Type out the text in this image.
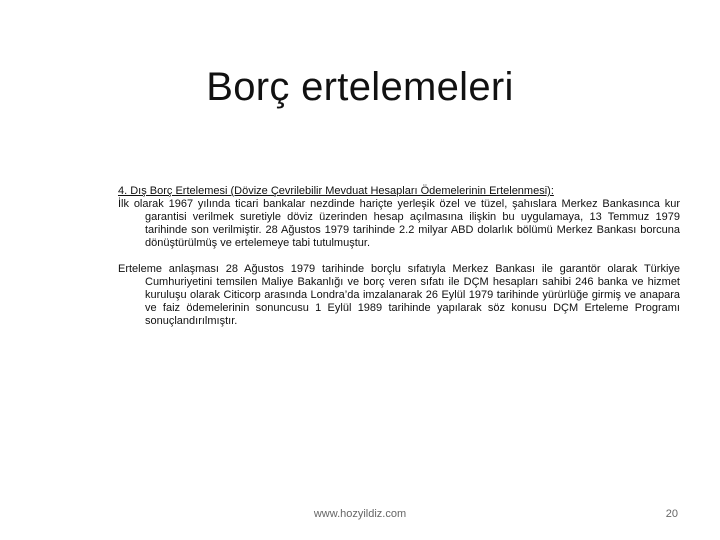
Borç ertelemeleri

4. Dış Borç Ertelemesi (Dövize Çevrilebilir Mevduat Hesapları Ödemelerinin Ertelenmesi):

İlk olarak 1967 yılında ticari bankalar nezdinde hariçte yerleşik özel ve tüzel, şahıslara Merkez Bankasınca kur garantisi verilmek suretiyle döviz üzerinden hesap açılmasına ilişkin bu uygulamaya, 13 Temmuz 1979 tarihinde son verilmiştir. 28 Ağustos 1979 tarihinde 2.2 milyar ABD dolarlık bölümü Merkez Bankası borcuna dönüştürülmüş ve ertelemeye tabi tutulmuştur.

Erteleme anlaşması 28 Ağustos 1979 tarihinde borçlu sıfatıyla Merkez Bankası ile garantör olarak Türkiye Cumhuriyetini temsilen Maliye Bakanlığı ve borç veren sıfatı ile DÇM hesapları sahibi 246 banka ve hizmet kuruluşu olarak Citicorp arasında Londra’da imzalanarak 26 Eylül 1979 tarihinde yürürlüğe girmiş ve anapara ve faiz ödemelerinin sonuncusu 1 Eylül 1989 tarihinde yapılarak söz konusu DÇM Erteleme Programı sonuçlandırılmıştır.

www.hozyildiz.com	20
